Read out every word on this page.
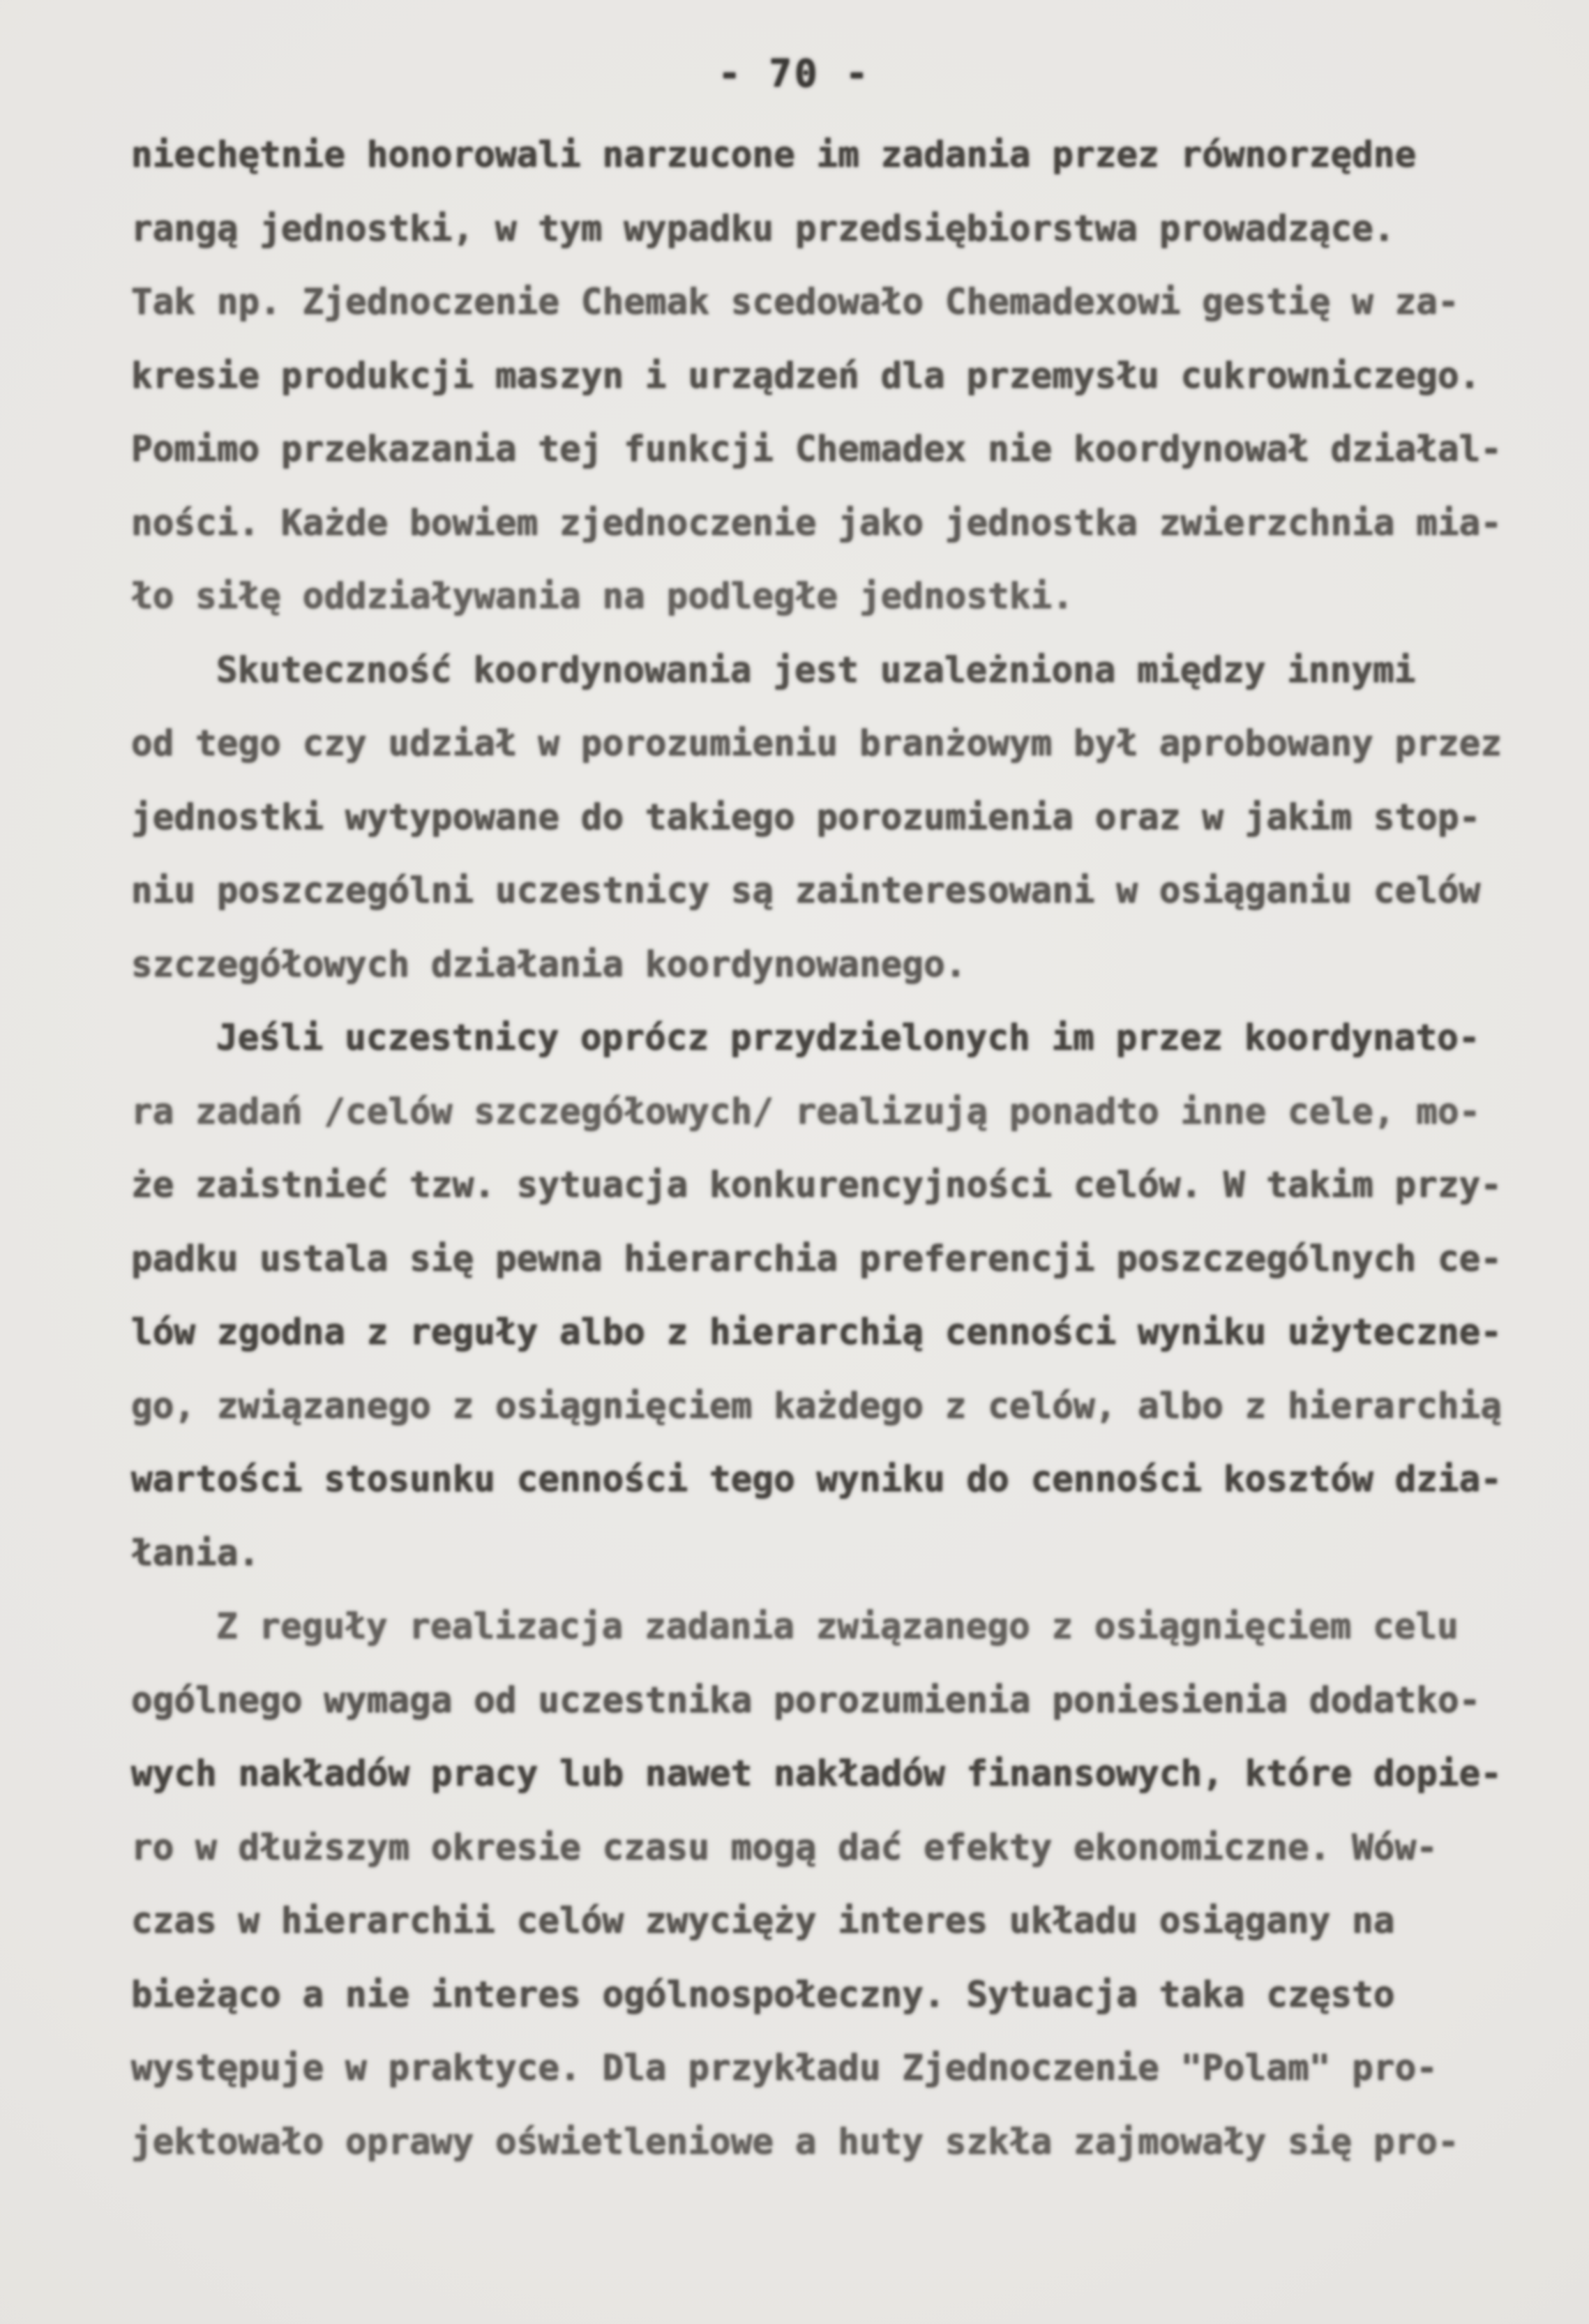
- 70 -
niechętnie honorowali narzucone im zadania przez równorzędne
rangą jednostki, w tym wypadku przedsiębiorstwa prowadzące.
Tak np. Zjednoczenie Chemak scedowało Chemadexowi gestię w za-
kresie produkcji maszyn i urządzeń dla przemysłu cukrowniczego.
Pomimo przekazania tej funkcji Chemadex nie koordynował działal-
ności. Każde bowiem zjednoczenie jako jednostka zwierzchnia mia-
ło siłę oddziaływania na podległe jednostki.
Skuteczność koordynowania jest uzależniona między innymi
od tego czy udział w porozumieniu branżowym był aprobowany przez
jednostki wytypowane do takiego porozumienia oraz w jakim stop-
niu poszczególni uczestnicy są zainteresowani w osiąganiu celów
szczegółowych działania koordynowanego.
Jeśli uczestnicy oprócz przydzielonych im przez koordynato-
ra zadań /celów szczegółowych/ realizują ponadto inne cele, mo-
że zaistnieć tzw. sytuacja konkurencyjności celów. W takim przy-
padku ustala się pewna hierarchia preferencji poszczególnych ce-
lów zgodna z reguły albo z hierarchią cenności wyniku użyteczne-
go, związanego z osiągnięciem każdego z celów, albo z hierarchią
wartości stosunku cenności tego wyniku do cenności kosztów dzia-
łania.
Z reguły realizacja zadania związanego z osiągnięciem celu
ogólnego wymaga od uczestnika porozumienia poniesienia dodatko-
wych nakładów pracy lub nawet nakładów finansowych, które dopie-
ro w dłuższym okresie czasu mogą dać efekty ekonomiczne. Wów-
czas w hierarchii celów zwycięży interes układu osiągany na
bieżąco a nie interes ogólnospołeczny. Sytuacja taka często
występuje w praktyce. Dla przykładu Zjednoczenie "Polam" pro-
jektowało oprawy oświetleniowe a huty szkła zajmowały się pro-
